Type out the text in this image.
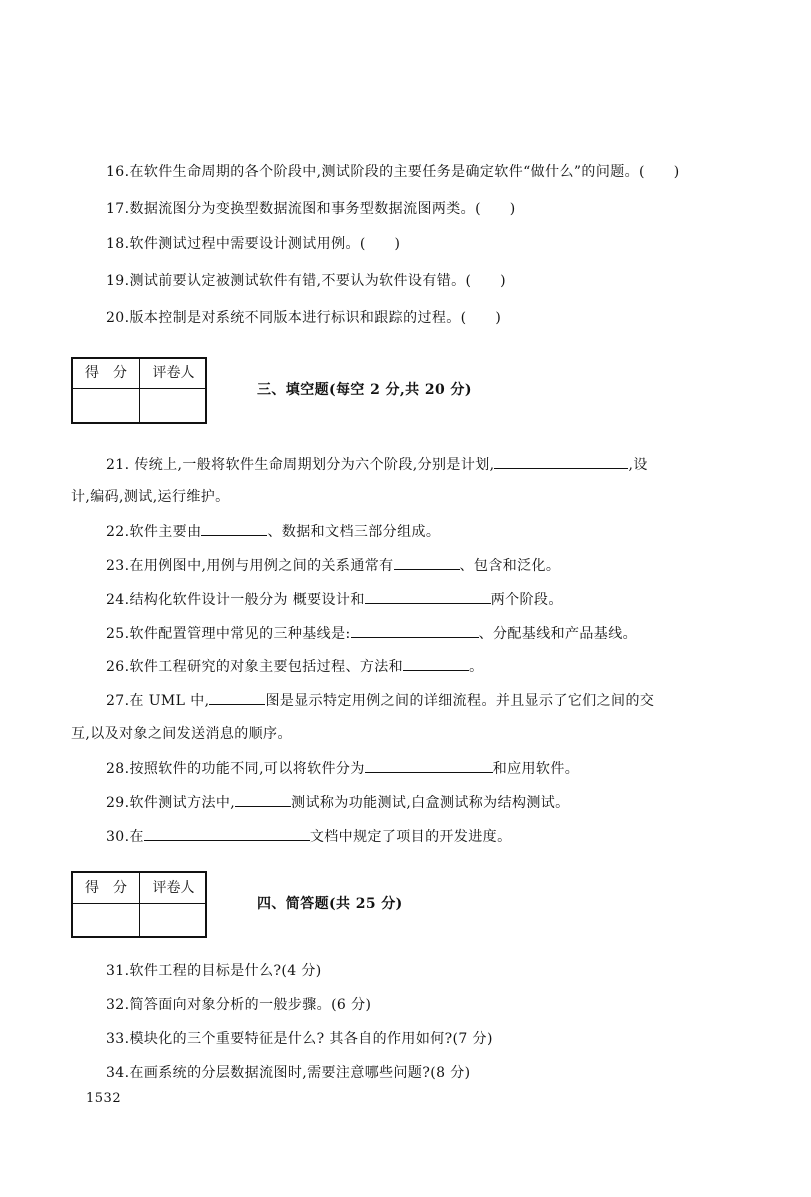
16.在软件生命周期的各个阶段中,测试阶段的主要任务是确定软件“做什么”的问题。(　　)
17.数据流图分为变换型数据流图和事务型数据流图两类。(　　)
18.软件测试过程中需要设计测试用例。(　　)
19.测试前要认定被测试软件有错,不要认为软件设有错。(　　)
20.版本控制是对系统不同版本进行标识和跟踪的过程。(　　)
得　分	评卷人
三、填空题(每空 2 分,共 20 分)
21. 传统上,一般将软件生命周期划分为六个阶段,分别是计划,	,设
计,编码,测试,运行维护。
22.软件主要由	、数据和文档三部分组成。
23.在用例图中,用例与用例之间的关系通常有	、包含和泛化。
24.结构化软件设计一般分为 概要设计和	两个阶段。
25.软件配置管理中常见的三种基线是:	、分配基线和产品基线。
26.软件工程研究的对象主要包括过程、方法和	。
27.在 UML 中,	图是显示特定用例之间的详细流程。并且显示了它们之间的交
互,以及对象之间发送消息的顺序。
28.按照软件的功能不同,可以将软件分为	和应用软件。
29.软件测试方法中,	测试称为功能测试,白盒测试称为结构测试。
30.在	文档中规定了项目的开发进度。
得　分	评卷人
四、简答题(共 25 分)
31.软件工程的目标是什么?(4 分)
32.简答面向对象分析的一般步骤。(6 分)
33.模块化的三个重要特征是什么? 其各自的作用如何?(7 分)
34.在画系统的分层数据流图时,需要注意哪些问题?(8 分)
1532
